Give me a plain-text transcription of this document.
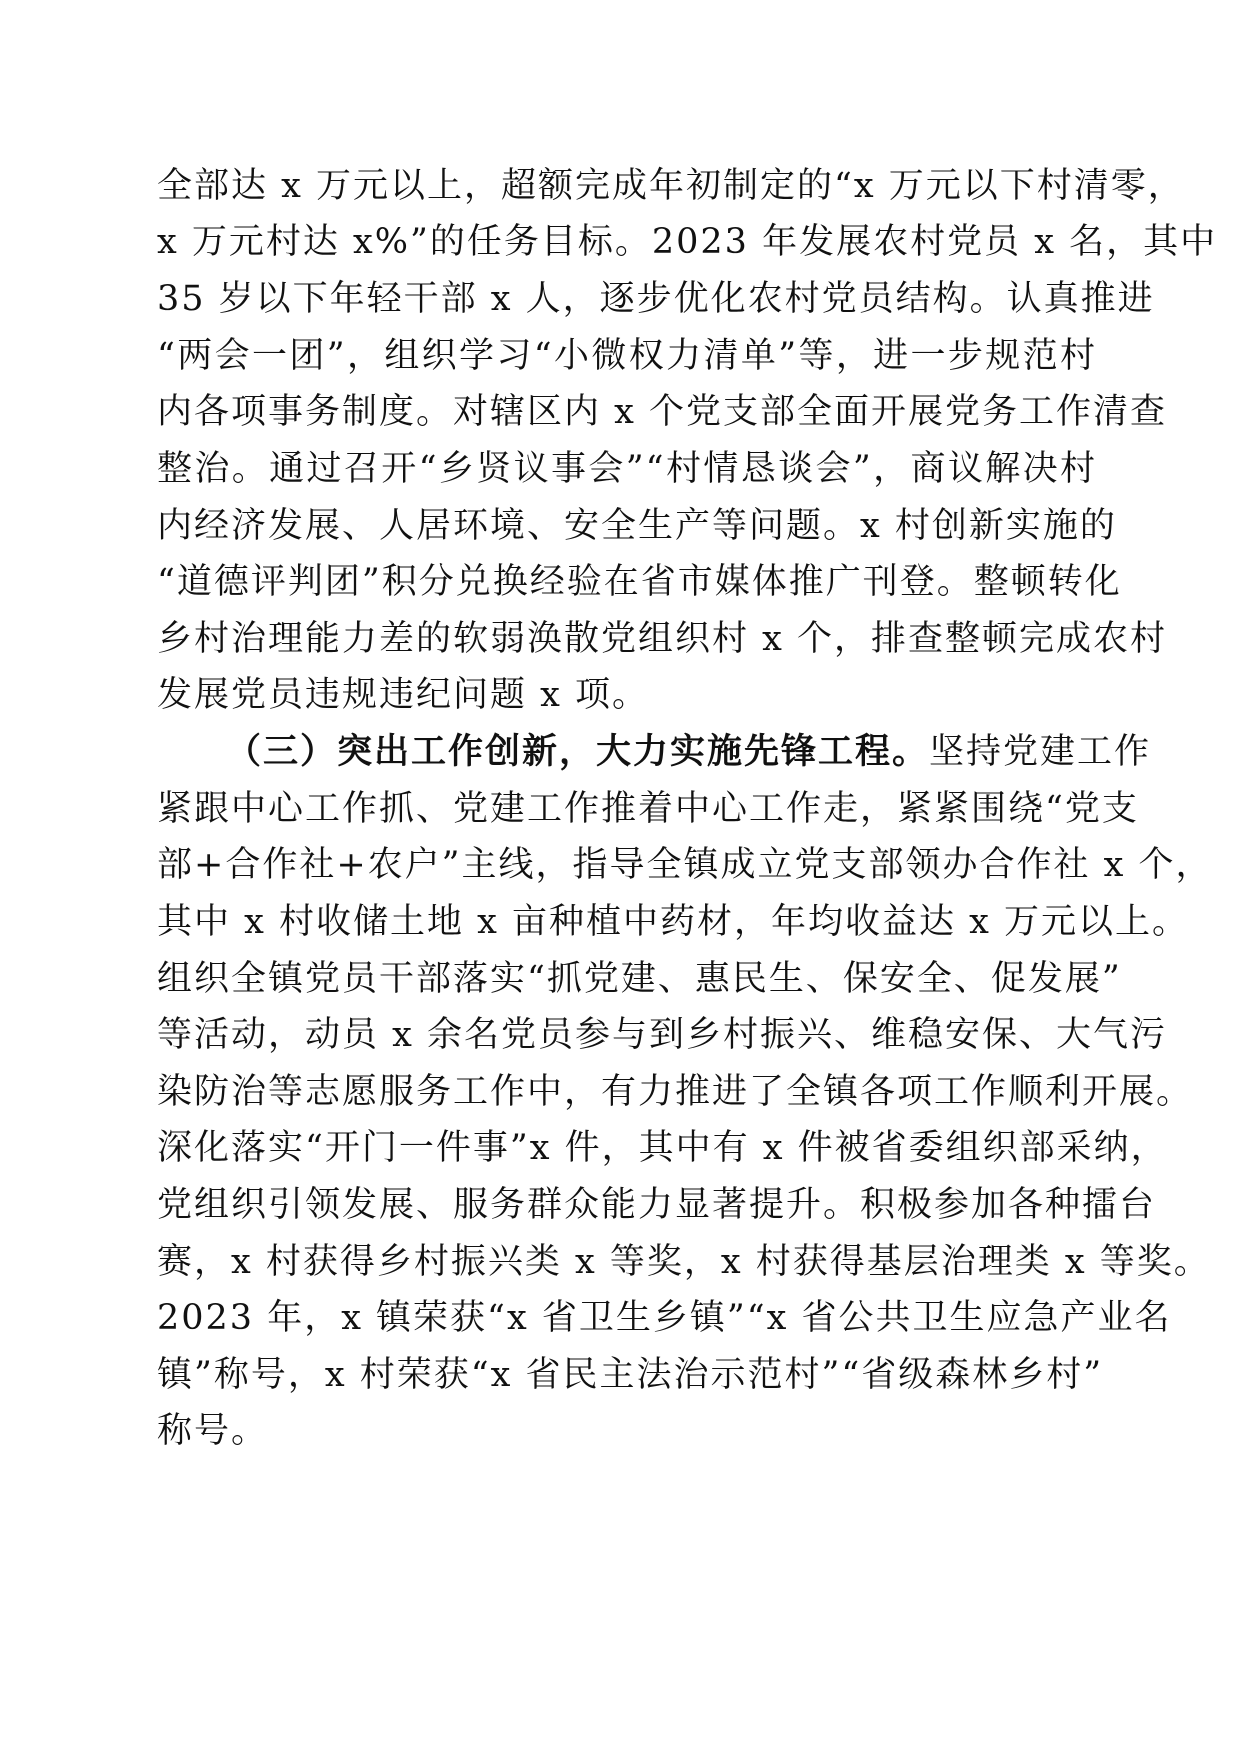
全部达 x 万元以上，超额完成年初制定的“x 万元以下村清零，
x 万元村达 x%”的任务目标。2023 年发展农村党员 x 名，其中
35 岁以下年轻干部 x 人，逐步优化农村党员结构。认真推进
“两会一团”，组织学习“小微权力清单”等，进一步规范村
内各项事务制度。对辖区内 x 个党支部全面开展党务工作清查
整治。通过召开“乡贤议事会”“村情恳谈会”，商议解决村
内经济发展、人居环境、安全生产等问题。x 村创新实施的
“道德评判团”积分兑换经验在省市媒体推广刊登。整顿转化
乡村治理能力差的软弱涣散党组织村 x 个，排查整顿完成农村
发展党员违规违纪问题 x 项。
（三）突出工作创新，大力实施先锋工程。坚持党建工作
紧跟中心工作抓、党建工作推着中心工作走，紧紧围绕“党支
部+合作社+农户”主线，指导全镇成立党支部领办合作社 x 个，
其中 x 村收储土地 x 亩种植中药材，年均收益达 x 万元以上。
组织全镇党员干部落实“抓党建、惠民生、保安全、促发展”
等活动，动员 x 余名党员参与到乡村振兴、维稳安保、大气污
染防治等志愿服务工作中，有力推进了全镇各项工作顺利开展。
深化落实“开门一件事”x 件，其中有 x 件被省委组织部采纳，
党组织引领发展、服务群众能力显著提升。积极参加各种擂台
赛，x 村获得乡村振兴类 x 等奖，x 村获得基层治理类 x 等奖。
2023 年，x 镇荣获“x 省卫生乡镇”“x 省公共卫生应急产业名
镇”称号，x 村荣获“x 省民主法治示范村”“省级森林乡村”
称号。
